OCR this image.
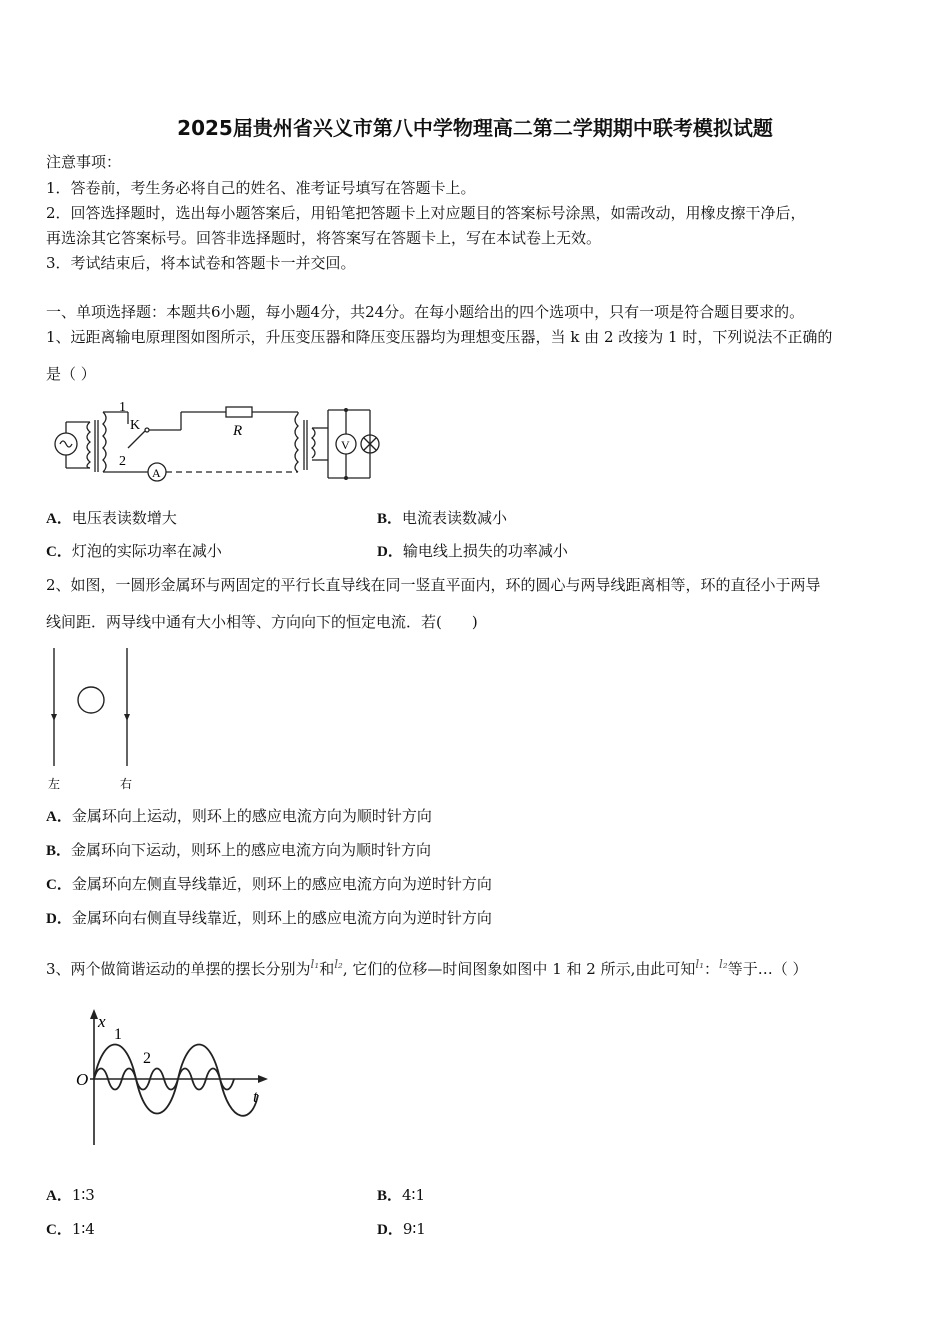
2025届贵州省兴义市第八中学物理高二第二学期期中联考模拟试题
注意事项：
1．答卷前，考生务必将自己的姓名、准考证号填写在答题卡上。
2．回答选择题时，选出每小题答案后，用铅笔把答题卡上对应题目的答案标号涂黑，如需改动，用橡皮擦干净后，
再选涂其它答案标号。回答非选择题时，将答案写在答题卡上，写在本试卷上无效。
3．考试结束后，将本试卷和答题卡一并交回。
一、单项选择题：本题共6小题，每小题4分，共24分。在每小题给出的四个选项中，只有一项是符合题目要求的。
1、远距离输电原理图如图所示，升压变压器和降压变压器均为理想变压器，当 k 由 2 改接为 1 时，下列说法不正确的
是（ ）
1
2
K	R
A
V
A．电压表读数增大	B．电流表读数减小
C．灯泡的实际功率在减小	D．输电线上损失的功率减小
2、如图，一圆形金属环与两固定的平行长直导线在同一竖直平面内，环的圆心与两导线距离相等，环的直径小于两导
线间距．两导线中通有大小相等、方向向下的恒定电流．若(　　)
左	右
A．金属环向上运动，则环上的感应电流方向为顺时针方向
B．金属环向下运动，则环上的感应电流方向为顺时针方向
C．金属环向左侧直导线靠近，则环上的感应电流方向为逆时针方向
D．金属环向右侧直导线靠近，则环上的感应电流方向为逆时针方向
3、两个做简谐运动的单摆的摆长分别为$^{l_1}$和$^{l_2}$, 它们的位移—时间图象如图中 1 和 2 所示,由此可知$^{l_1}$：$^{l_2}$等于…（ ）
x
O
t
1
2
A．1∶3	B．4∶1
C．1∶4	D．9∶1
